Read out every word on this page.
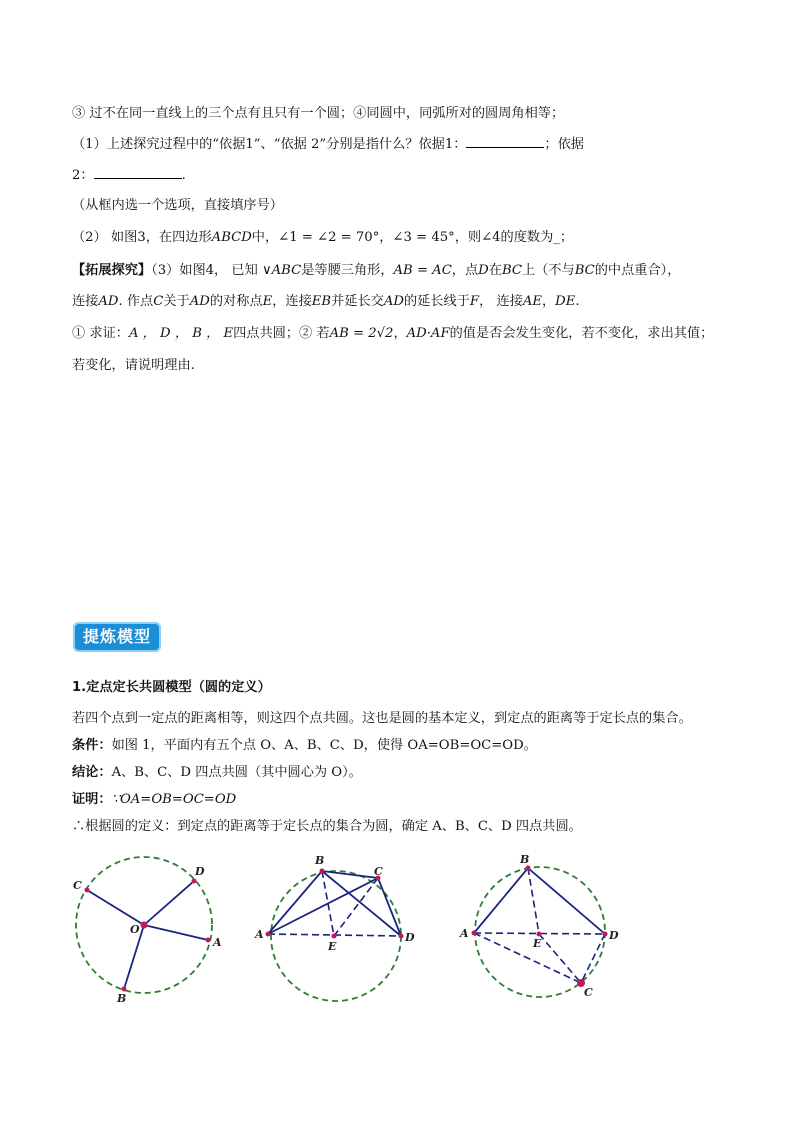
③ 过不在同一直线上的三个点有且只有一个圆；④同圆中，同弧所对的圆周角相等；
（1）上述探究过程中的“依据1”、“依据 2”分别是指什么？依据1：	；依据
2：	.
（从框内选一个选项，直接填序号）
（2） 如图3，在四边形ABCD中，∠1 = ∠2 = 70°，∠3 = 45°，则∠4的度数为_；
【拓展探究】（3）如图4， 已知 ∨ABC是等腰三角形，AB = AC，点D在BC上（不与BC的中点重合），
连接AD. 作点C关于AD的对称点E，连接EB并延长交AD的延长线于F， 连接AE，DE.
① 求证：A ， D ， B ， E四点共圆；② 若AB = 2√2，AD·AF的值是否会发生变化，若不变化，求出其值；
若变化，请说明理由.
提炼模型
1.定点定长共圆模型（圆的定义）
若四个点到一定点的距离相等，则这四个点共圆。这也是圆的基本定义，到定点的距离等于定长点的集合。
条件：如图 1，平面内有五个点 O、A、B、C、D，使得 OA=OB=OC=OD。
结论：A、B、C、D 四点共圆（其中圆心为 O）。
证明：∵OA=OB=OC=OD
∴根据圆的定义：到定点的距离等于定长点的集合为圆，确定 A、B、C、D 四点共圆。
C
D
O
A
B
B
C
A
E
D
B
A
E
D
C
